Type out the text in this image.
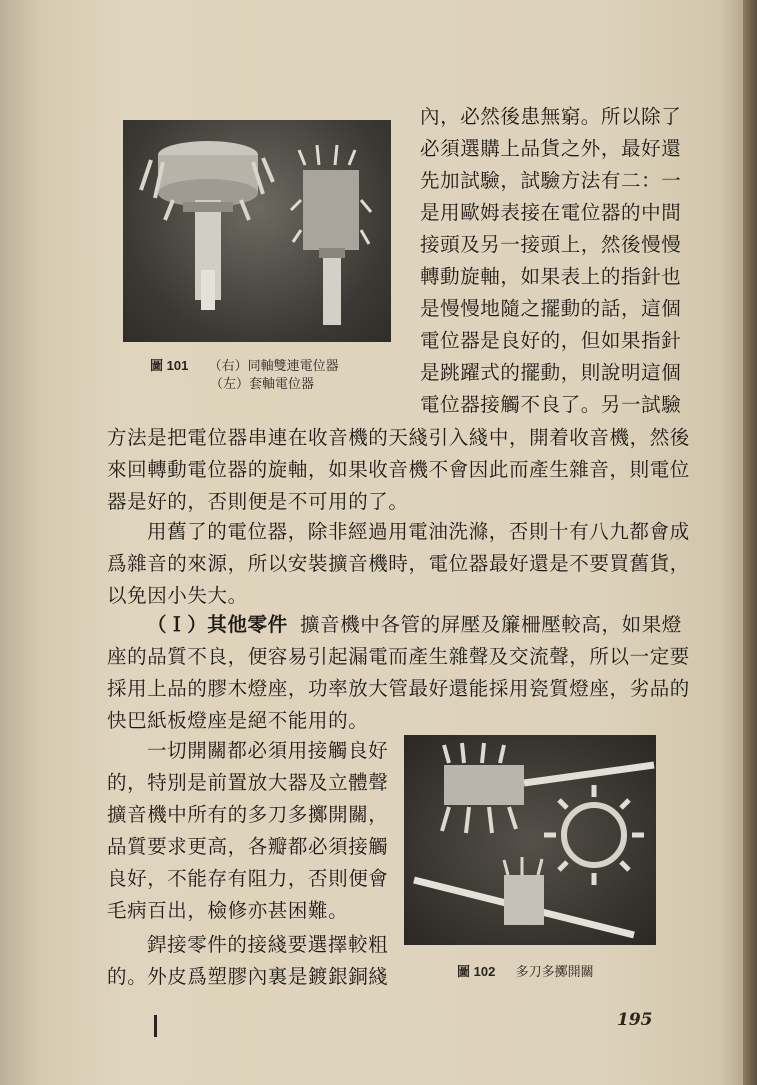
內，必然後患無窮。所以除了
必須選購上品貨之外，最好還
先加試驗，試驗方法有二：一
是用歐姆表接在電位器的中間
接頭及另一接頭上，然後慢慢
轉動旋軸，如果表上的指針也
是慢慢地隨之擺動的話，這個
電位器是良好的，但如果指針
是跳躍式的擺動，則說明這個
電位器接觸不良了。另一試驗
圖 101 （右）同軸雙連電位器
（左）套軸電位器
方法是把電位器串連在收音機的天綫引入綫中，開着收音機，然後
來回轉動電位器的旋軸，如果收音機不會因此而產生雜音，則電位
器是好的，否則便是不可用的了。
用舊了的電位器，除非經過用電油洗滌，否則十有八九都會成
爲雜音的來源，所以安裝擴音機時，電位器最好還是不要買舊貨，
以免因小失大。
（Ｉ）其他零件 擴音機中各管的屏壓及簾柵壓較高，如果燈
座的品質不良，便容易引起漏電而產生雜聲及交流聲，所以一定要
採用上品的膠木燈座，功率放大管最好還能採用瓷質燈座，劣品的
快巴紙板燈座是絕不能用的。
一切開關都必須用接觸良好
的，特別是前置放大器及立體聲
擴音機中所有的多刀多擲開關，
品質要求更高，各瓣都必須接觸
良好，不能存有阻力，否則便會
毛病百出，檢修亦甚困難。
銲接零件的接綫要選擇較粗
的。外皮爲塑膠內裏是鍍銀銅綫	圖 102 多刀多擲開關
195
